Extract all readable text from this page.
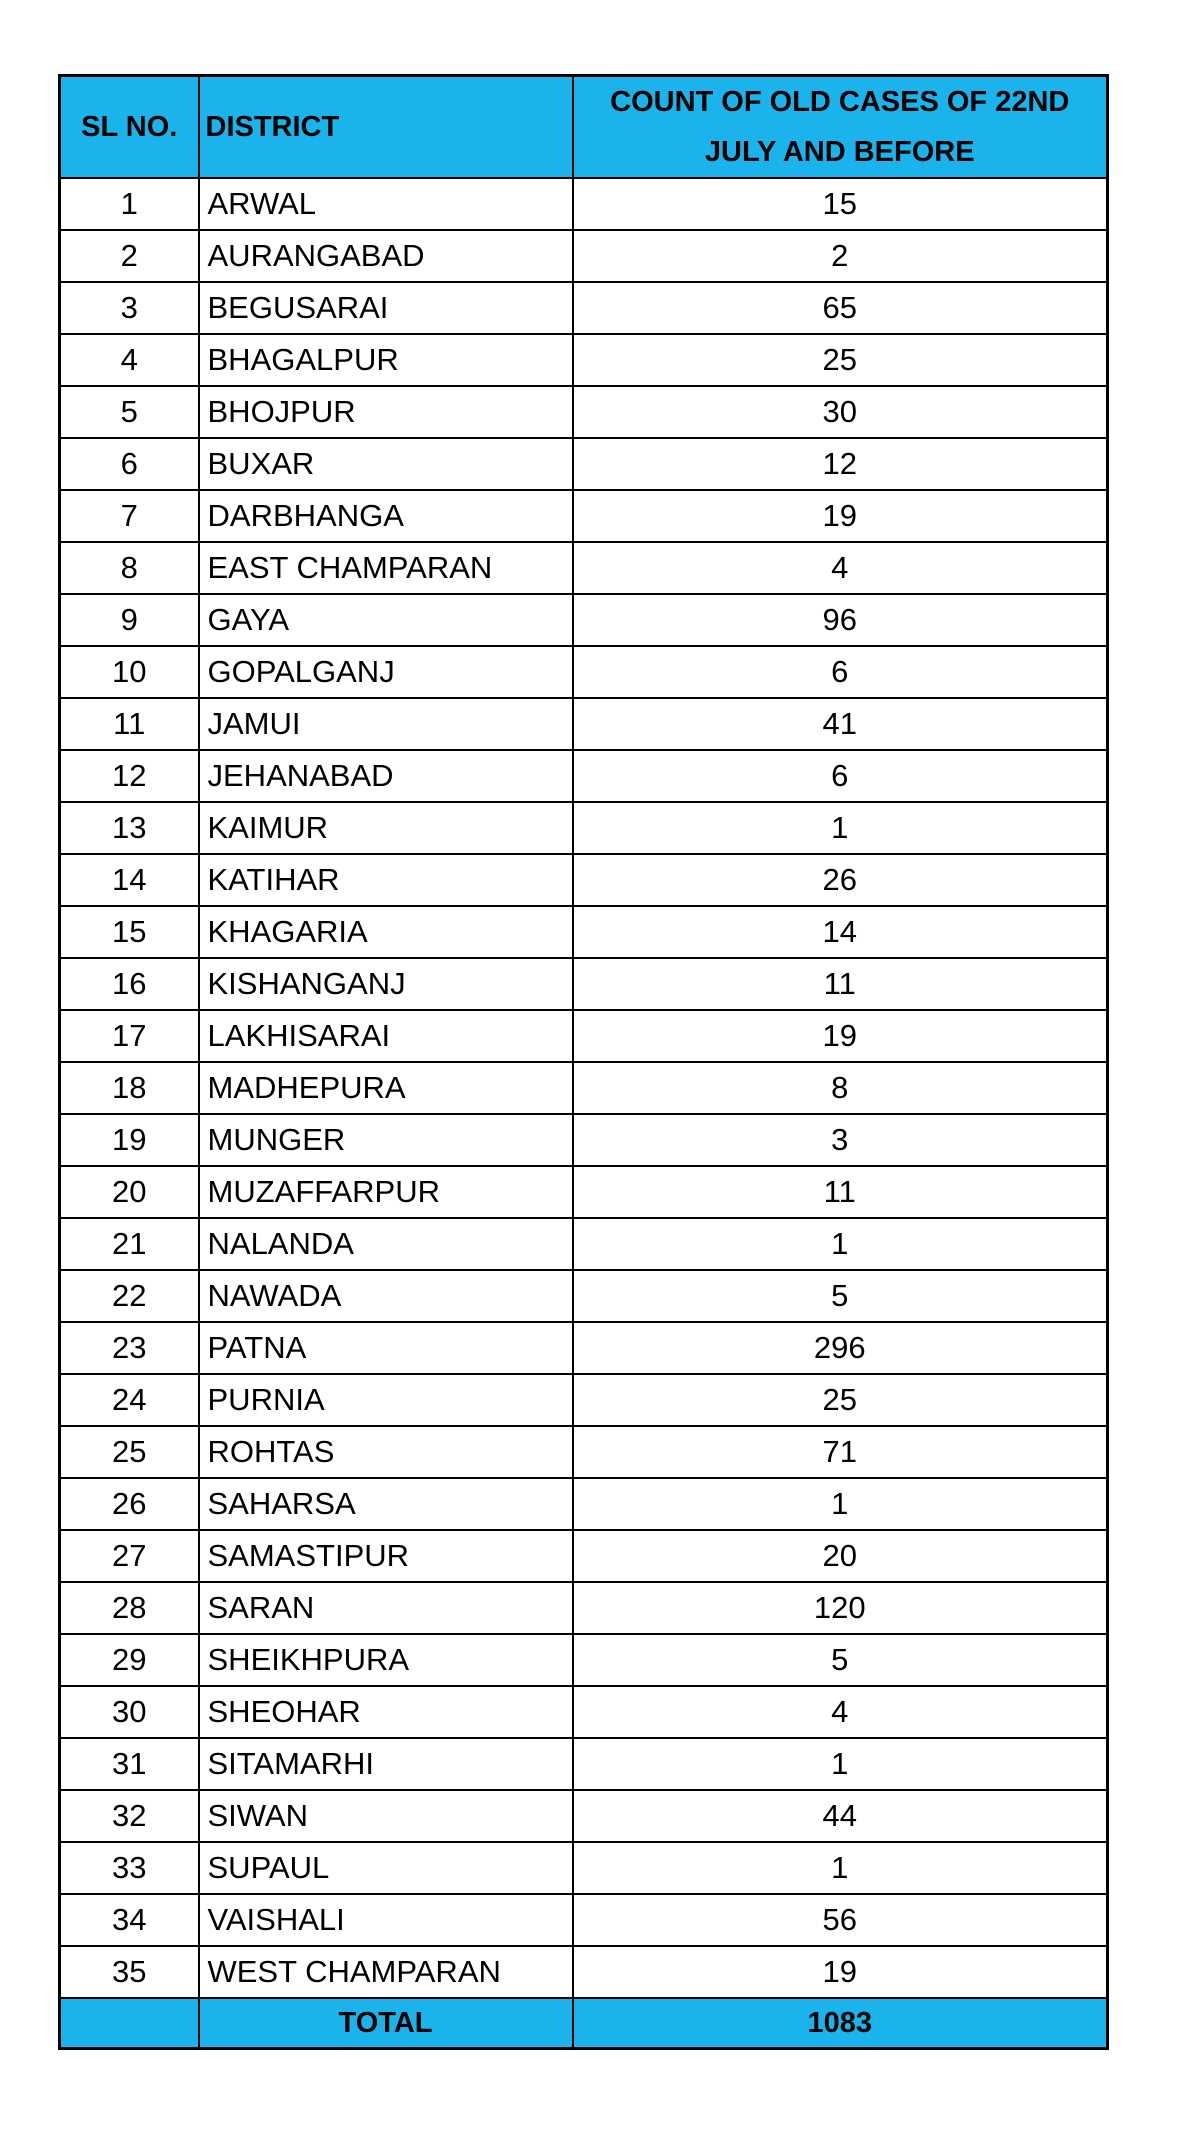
SL NO.	DISTRICT	COUNT OF OLD CASES OF 22ND
JULY AND BEFORE

1	ARWAL	15
2	AURANGABAD	2
3	BEGUSARAI	65
4	BHAGALPUR	25
5	BHOJPUR	30
6	BUXAR	12
7	DARBHANGA	19
8	EAST CHAMPARAN	4
9	GAYA	96
10	GOPALGANJ	6
11	JAMUI	41
12	JEHANABAD	6
13	KAIMUR	1
14	KATIHAR	26
15	KHAGARIA	14
16	KISHANGANJ	11
17	LAKHISARAI	19
18	MADHEPURA	8
19	MUNGER	3
20	MUZAFFARPUR	11
21	NALANDA	1
22	NAWADA	5
23	PATNA	296
24	PURNIA	25
25	ROHTAS	71
26	SAHARSA	1
27	SAMASTIPUR	20
28	SARAN	120
29	SHEIKHPURA	5
30	SHEOHAR	4
31	SITAMARHI	1
32	SIWAN	44
33	SUPAUL	1
34	VAISHALI	56
35	WEST CHAMPARAN	19
	TOTAL	1083
